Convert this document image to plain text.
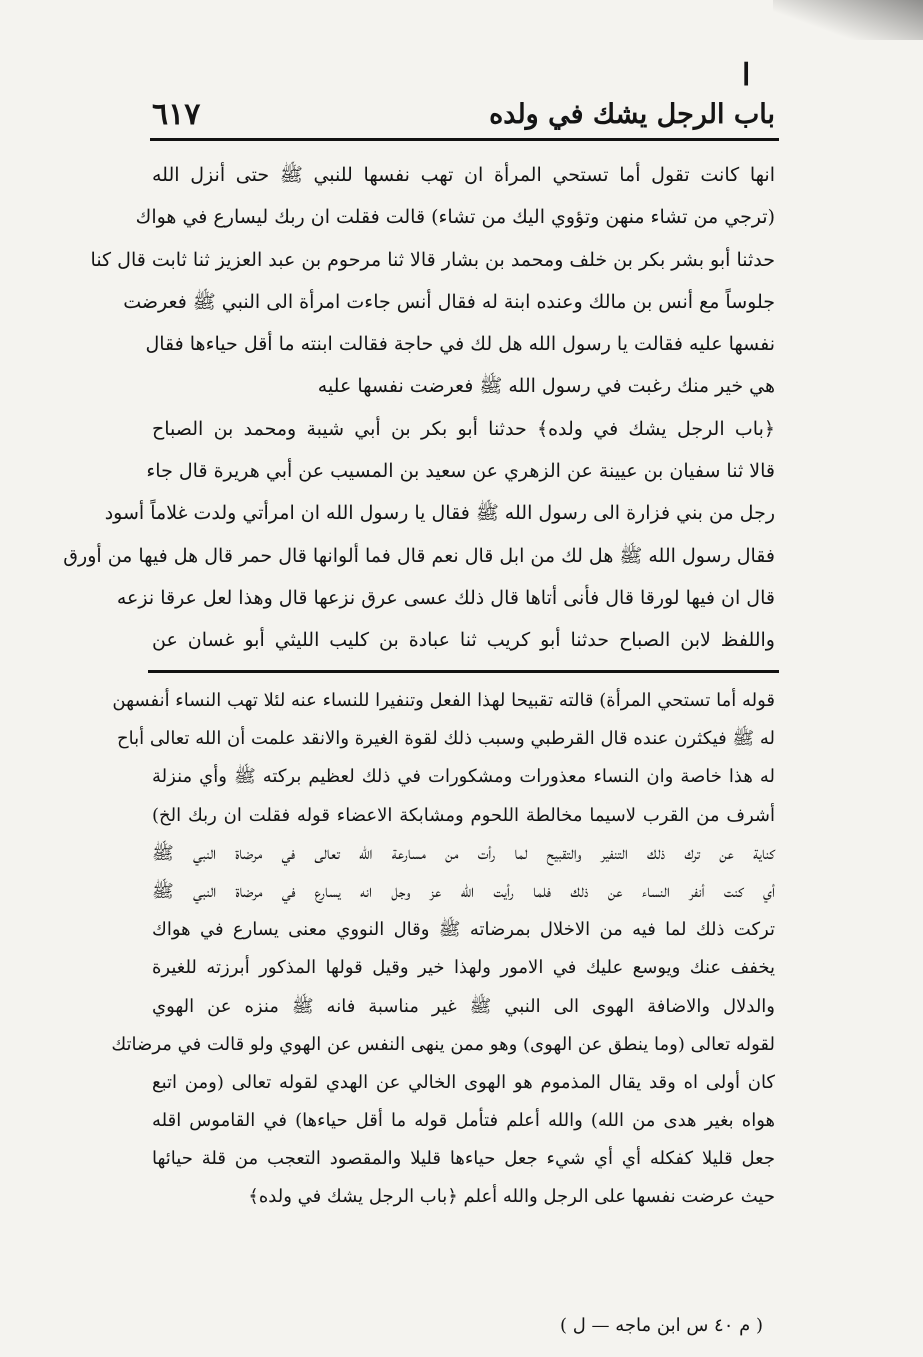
ا
باب الرجل يشك في ولده
٦١٧
انها كانت تقول أما تستحي المرأة ان تهب نفسها للنبي ﷺ حتى أنزل الله
(ترجي من تشاء منهن وتؤوي اليك من تشاء) قالت فقلت ان ربك ليسارع في هواك
حدثنا أبو بشر بكر بن خلف ومحمد بن بشار قالا ثنا مرحوم بن عبد العزيز ثنا ثابت قال كنا
جلوساً مع أنس بن مالك وعنده ابنة له فقال أنس جاءت امرأة الى النبي ﷺ فعرضت
نفسها عليه فقالت يا رسول الله هل لك في حاجة فقالت ابنته ما أقل حياءها فقال
هي خير منك رغبت في رسول الله ﷺ فعرضت نفسها عليه
﴿باب الرجل يشك في ولده﴾ حدثنا أبو بكر بن أبي شيبة ومحمد بن الصباح
قالا ثنا سفيان بن عيينة عن الزهري عن سعيد بن المسيب عن أبي هريرة قال جاء
رجل من بني فزارة الى رسول الله ﷺ فقال يا رسول الله ان امرأتي ولدت غلاماً أسود
فقال رسول الله ﷺ هل لك من ابل قال نعم قال فما ألوانها قال حمر قال هل فيها من أورق
قال ان فيها لورقا قال فأنى أتاها قال ذلك عسى عرق نزعها قال وهذا لعل عرقا نزعه
واللفظ لابن الصباح حدثنا أبو كريب ثنا عبادة بن كليب الليثي أبو غسان عن
قوله أما تستحي المرأة) قالته تقبيحا لهذا الفعل وتنفيرا للنساء عنه لئلا تهب النساء أنفسهن
له ﷺ فيكثرن عنده قال القرطبي وسبب ذلك لقوة الغيرة والانقد علمت أن الله تعالى أباح
له هذا خاصة وان النساء معذورات ومشكورات في ذلك لعظيم بركته ﷺ وأي منزلة
أشرف من القرب لاسيما مخالطة اللحوم ومشابكة الاعضاء قوله فقلت ان ربك الخ)
كناية عن ترك ذلك التنفير والتقبيح لما رأت من مسارعة الله تعالى في مرضاة النبي ﷺ
أي كنت أنفر النساء عن ذلك فلما رأيت الله عز وجل انه يسارع في مرضاة النبي ﷺ
تركت ذلك لما فيه من الاخلال بمرضاته ﷺ وقال النووي معنى يسارع في هواك
يخفف عنك ويوسع عليك في الامور ولهذا خير وقيل قولها المذكور أبرزته للغيرة
والدلال والاضافة الهوى الى النبي ﷺ غير مناسبة فانه ﷺ منزه عن الهوي
لقوله تعالى (وما ينطق عن الهوى) وهو ممن ينهى النفس عن الهوي ولو قالت في مرضاتك
كان أولى اه وقد يقال المذموم هو الهوى الخالي عن الهدي لقوله تعالى (ومن اتبع
هواه بغير هدى من الله) والله أعلم فتأمل قوله ما أقل حياءها) في القاموس اقله
جعل قليلا كفكله أي أي شيء جعل حياءها قليلا والمقصود التعجب من قلة حيائها
حيث عرضت نفسها على الرجل والله أعلم ﴿باب الرجل يشك في ولده﴾
( م ٤٠ س ابن ماجه — ل )
